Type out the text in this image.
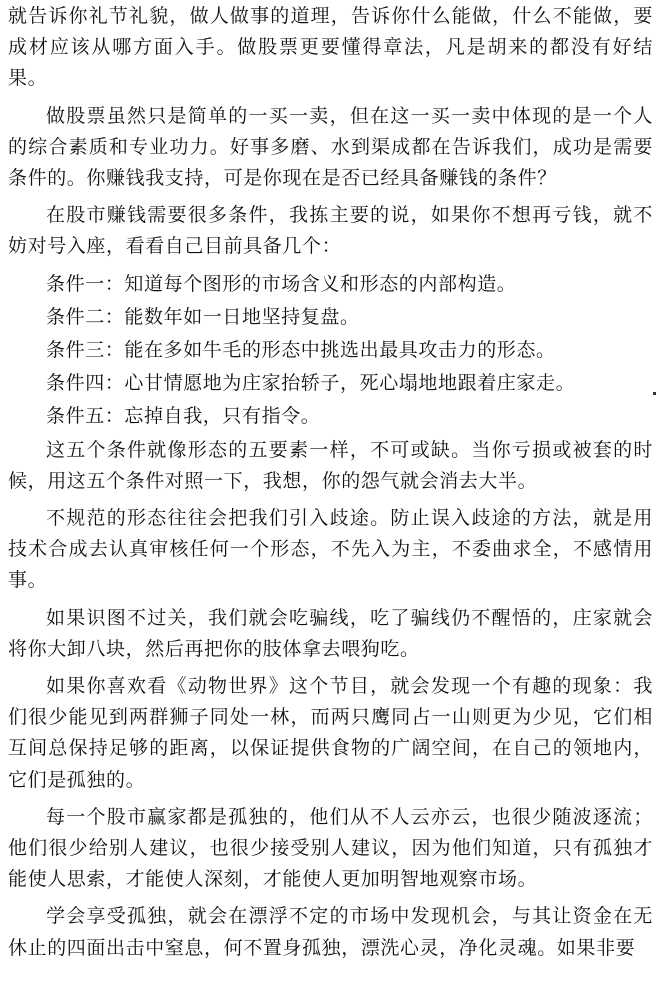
就告诉你礼节礼貌，做人做事的道理，告诉你什么能做，什么不能做，要成材应该从哪方面入手。做股票更要懂得章法，凡是胡来的都没有好结果。

做股票虽然只是简单的一买一卖，但在这一买一卖中体现的是一个人的综合素质和专业功力。好事多磨、水到渠成都在告诉我们，成功是需要条件的。你赚钱我支持，可是你现在是否已经具备赚钱的条件？

在股市赚钱需要很多条件，我拣主要的说，如果你不想再亏钱，就不妨对号入座，看看自己目前具备几个：

条件一：知道每个图形的市场含义和形态的内部构造。

条件二：能数年如一日地坚持复盘。

条件三：能在多如牛毛的形态中挑选出最具攻击力的形态。

条件四：心甘情愿地为庄家抬轿子，死心塌地地跟着庄家走。

条件五：忘掉自我，只有指令。

这五个条件就像形态的五要素一样，不可或缺。当你亏损或被套的时候，用这五个条件对照一下，我想，你的怨气就会消去大半。

不规范的形态往往会把我们引入歧途。防止误入歧途的方法，就是用技术合成去认真审核任何一个形态，不先入为主，不委曲求全，不感情用事。

如果识图不过关，我们就会吃骗线，吃了骗线仍不醒悟的，庄家就会将你大卸八块，然后再把你的肢体拿去喂狗吃。

如果你喜欢看《动物世界》这个节目，就会发现一个有趣的现象：我们很少能见到两群狮子同处一林，而两只鹰同占一山则更为少见，它们相互间总保持足够的距离，以保证提供食物的广阔空间，在自己的领地内，它们是孤独的。

每一个股市赢家都是孤独的，他们从不人云亦云，也很少随波逐流；他们很少给别人建议，也很少接受别人建议，因为他们知道，只有孤独才能使人思索，才能使人深刻，才能使人更加明智地观察市场。

学会享受孤独，就会在漂浮不定的市场中发现机会，与其让资金在无休止的四面出击中窒息，何不置身孤独，漂洗心灵，净化灵魂。如果非要
